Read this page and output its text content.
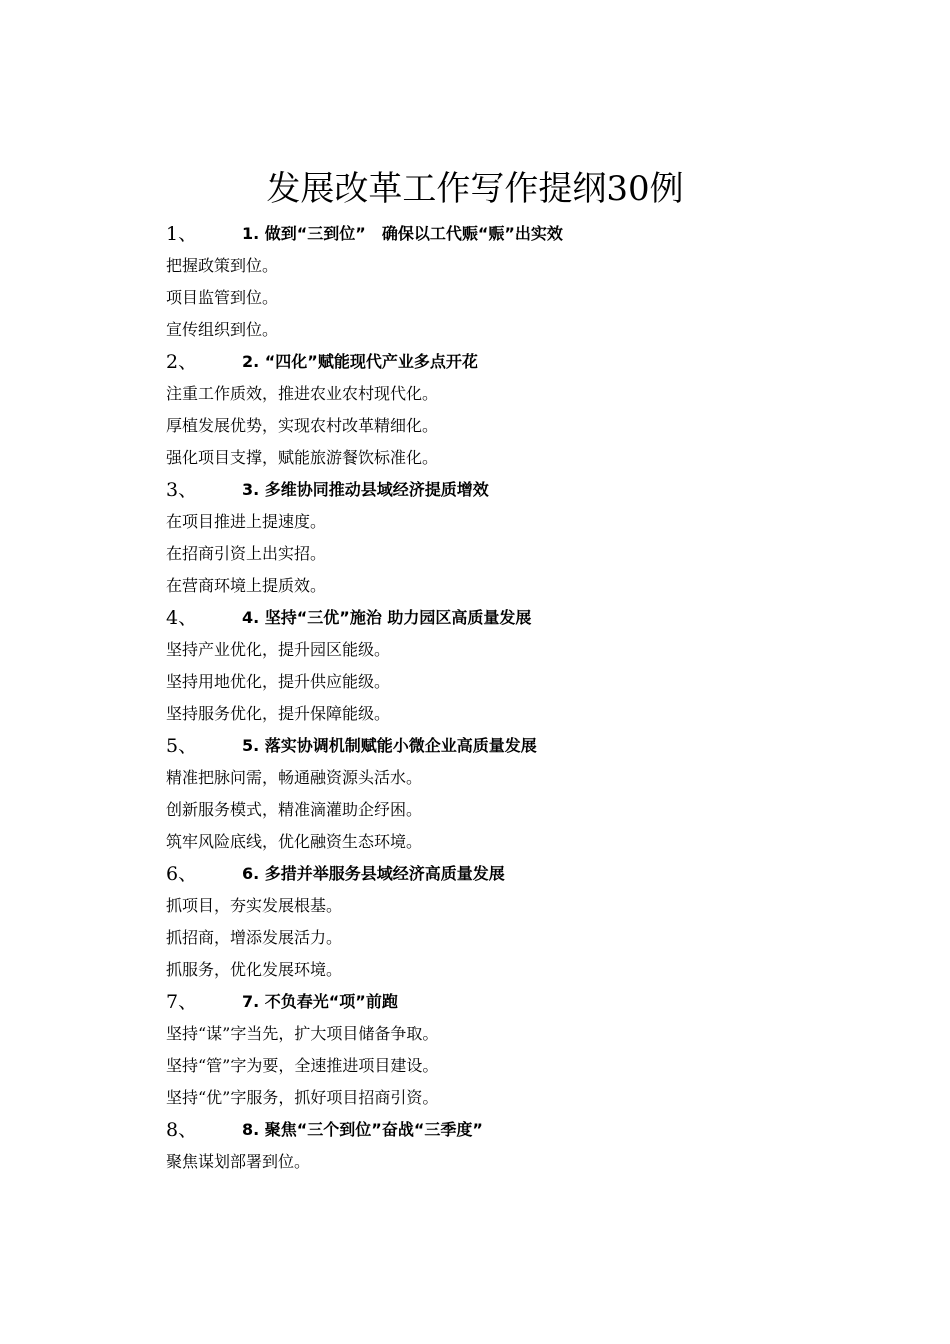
发展改革工作写作提纲30例
1、	1. 做到“三到位”　确保以工代赈“赈”出实效
把握政策到位。
项目监管到位。
宣传组织到位。
2、	2. “四化”赋能现代产业多点开花
注重工作质效，推进农业农村现代化。
厚植发展优势，实现农村改革精细化。
强化项目支撑，赋能旅游餐饮标准化。
3、	3. 多维协同推动县域经济提质增效
在项目推进上提速度。
在招商引资上出实招。
在营商环境上提质效。
4、	4. 坚持“三优”施治 助力园区高质量发展
坚持产业优化，提升园区能级。
坚持用地优化，提升供应能级。
坚持服务优化，提升保障能级。
5、	5. 落实协调机制赋能小微企业高质量发展
精准把脉问需，畅通融资源头活水。
创新服务模式，精准滴灌助企纾困。
筑牢风险底线，优化融资生态环境。
6、	6. 多措并举服务县域经济高质量发展
抓项目，夯实发展根基。
抓招商，增添发展活力。
抓服务，优化发展环境。
7、	7. 不负春光“项”前跑
坚持“谋”字当先，扩大项目储备争取。
坚持“管”字为要，全速推进项目建设。
坚持“优”字服务，抓好项目招商引资。
8、	8. 聚焦“三个到位”奋战“三季度”
聚焦谋划部署到位。
